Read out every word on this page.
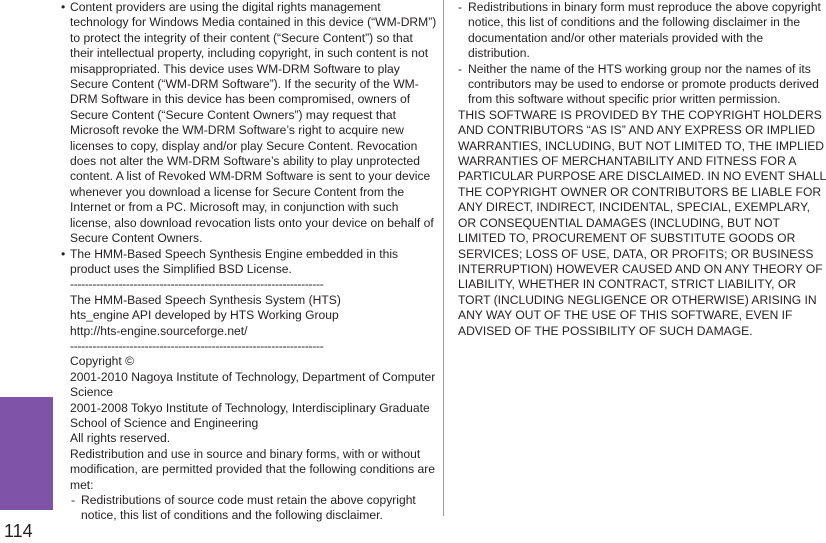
Others
114

• Content providers are using the digital rights management technology for Windows Media contained in this device (“WM-DRM”) to protect the integrity of their content (“Secure Content”) so that their intellectual property, including copyright, in such content is not misappropriated. This device uses WM-DRM Software to play Secure Content (“WM-DRM Software”). If the security of the WM-DRM Software in this device has been compromised, owners of Secure Content (“Secure Content Owners”) may request that Microsoft revoke the WM-DRM Software’s right to acquire new licenses to copy, display and/or play Secure Content. Revocation does not alter the WM-DRM Software’s ability to play unprotected content. A list of Revoked WM-DRM Software is sent to your device whenever you download a license for Secure Content from the Internet or from a PC. Microsoft may, in conjunction with such license, also download revocation lists onto your device on behalf of Secure Content Owners.

• The HMM-Based Speech Synthesis Engine embedded in this product uses the Simplified BSD License.

--------------------------------------------------------------------

The HMM-Based Speech Synthesis System (HTS)

hts_engine API developed by HTS Working Group

http://hts-engine.sourceforge.net/

--------------------------------------------------------------------

Copyright ©

2001-2010 Nagoya Institute of Technology, Department of Computer Science

2001-2008 Tokyo Institute of Technology, Interdisciplinary Graduate School of Science and Engineering

All rights reserved.

Redistribution and use in source and binary forms, with or without modification, are permitted provided that the following conditions are met:

- Redistributions of source code must retain the above copyright notice, this list of conditions and the following disclaimer.

- Redistributions in binary form must reproduce the above copyright notice, this list of conditions and the following disclaimer in the documentation and/or other materials provided with the distribution.

- Neither the name of the HTS working group nor the names of its contributors may be used to endorse or promote products derived from this software without specific prior written permission.

THIS SOFTWARE IS PROVIDED BY THE COPYRIGHT HOLDERS AND CONTRIBUTORS “AS IS” AND ANY EXPRESS OR IMPLIED WARRANTIES, INCLUDING, BUT NOT LIMITED TO, THE IMPLIED WARRANTIES OF MERCHANTABILITY AND FITNESS FOR A PARTICULAR PURPOSE ARE DISCLAIMED. IN NO EVENT SHALL THE COPYRIGHT OWNER OR CONTRIBUTORS BE LIABLE FOR ANY DIRECT, INDIRECT, INCIDENTAL, SPECIAL, EXEMPLARY, OR CONSEQUENTIAL DAMAGES (INCLUDING, BUT NOT LIMITED TO, PROCUREMENT OF SUBSTITUTE GOODS OR SERVICES; LOSS OF USE, DATA, OR PROFITS; OR BUSINESS INTERRUPTION) HOWEVER CAUSED AND ON ANY THEORY OF LIABILITY, WHETHER IN CONTRACT, STRICT LIABILITY, OR TORT (INCLUDING NEGLIGENCE OR OTHERWISE) ARISING IN ANY WAY OUT OF THE USE OF THIS SOFTWARE, EVEN IF ADVISED OF THE POSSIBILITY OF SUCH DAMAGE.
